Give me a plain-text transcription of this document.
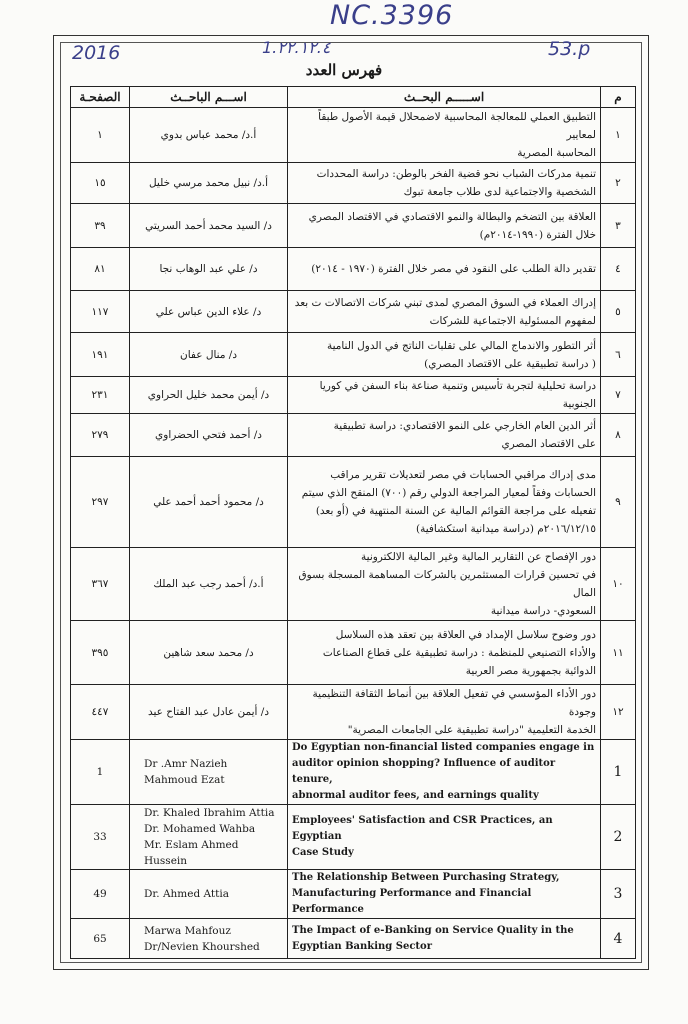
NC.3396
2016	1.٢٢.١٢.٤	53.p
فهرس العدد
الصفحـة	اســـم الباحــث	اســـــم البحــث	م
١	أ.د/ محمد عباس بدوي	التطبيق العملي للمعالجة المحاسبية لاضمحلال قيمة الأصول طبقاً لمعايير
المحاسبة المصرية	١
١٥	أ.د/ نبيل محمد مرسي خليل	تنمية مدركات الشباب نحو قضية الفخر بالوطن: دراسة المحددات
الشخصية والاجتماعية لدى طلاب جامعة تبوك	٢
٣٩	د/ السيد محمد أحمد السريتي	العلاقة بين التضخم والبطالة والنمو الاقتصادي في الاقتصاد المصري
خلال الفترة (١٩٩٠-٢٠١٤م)	٣
٨١	د/ علي عبد الوهاب نجا	تقدير دالة الطلب على النقود في مصر خلال الفترة (١٩٧٠ - ٢٠١٤)	٤
١١٧	د/ علاء الدين عباس علي	إدراك العملاء في السوق المصري لمدى تبني شركات الاتصالات ت بعد
لمفهوم المسئولية الاجتماعية للشركات	٥
١٩١	د/ منال عفان	أثر التطور والاندماج المالي على تقلبات الناتج في الدول النامية
( دراسة تطبيقية على الاقتصاد المصري)	٦
٢٣١	د/ أيمن محمد خليل الحراوي	دراسة تحليلية لتجربة تأسيس وتنمية صناعة بناء السفن في كوريا الجنوبية	٧
٢٧٩	د/ أحمد فتحي الحضراوي	أثر الدين العام الخارجي على النمو الاقتصادي: دراسة تطبيقية
على الاقتصاد المصري	٨
٢٩٧	د/ محمود أحمد أحمد علي	مدى إدراك مراقبي الحسابات في مصر لتعديلات تقرير مراقب
الحسابات وفقاً لمعيار المراجعة الدولي رقم (٧٠٠) المنقح الذي سيتم
تفعيله على مراجعة القوائم المالية عن السنة المنتهية في (أو بعد)
٢٠١٦/١٢/١٥م (دراسة ميدانية استكشافية)	٩
٣٦٧	أ.د/ أحمد رجب عبد الملك	دور الإفصاح عن التقارير المالية وغير المالية الالكترونية
في تحسين قرارات المستثمرين بالشركات المساهمة المسجلة بسوق المال
السعودي- دراسة ميدانية	١٠
٣٩٥	د/ محمد سعد شاهين	دور وضوح سلاسل الإمداد في العلاقة بين تعقد هذه السلاسل
والأداء التصنيعي للمنظمة : دراسة تطبيقية على قطاع الصناعات
الدوائية بجمهورية مصر العربية	١١
٤٤٧	د/ أيمن عادل عبد الفتاح عيد	دور الأداء المؤسسي في تفعيل العلاقة بين أنماط الثقافة التنظيمية وجودة
الخدمة التعليمية "دراسة تطبيقية على الجامعات المصرية"	١٢
1	Dr .Amr Nazieh
Mahmoud Ezat	Do Egyptian non-financial listed companies engage in
auditor opinion shopping? Influence of auditor tenure,
abnormal auditor fees, and earnings quality	1
33	Dr. Khaled Ibrahim Attia
Dr. Mohamed Wahba
Mr. Eslam Ahmed Hussein	Employees' Satisfaction and CSR Practices, an Egyptian
Case Study	2
49	Dr. Ahmed Attia	The Relationship Between Purchasing Strategy,
Manufacturing Performance and Financial Performance	3
65	Marwa Mahfouz
Dr/Nevien Khourshed	The Impact of e-Banking on Service Quality in the
Egyptian Banking Sector	4
